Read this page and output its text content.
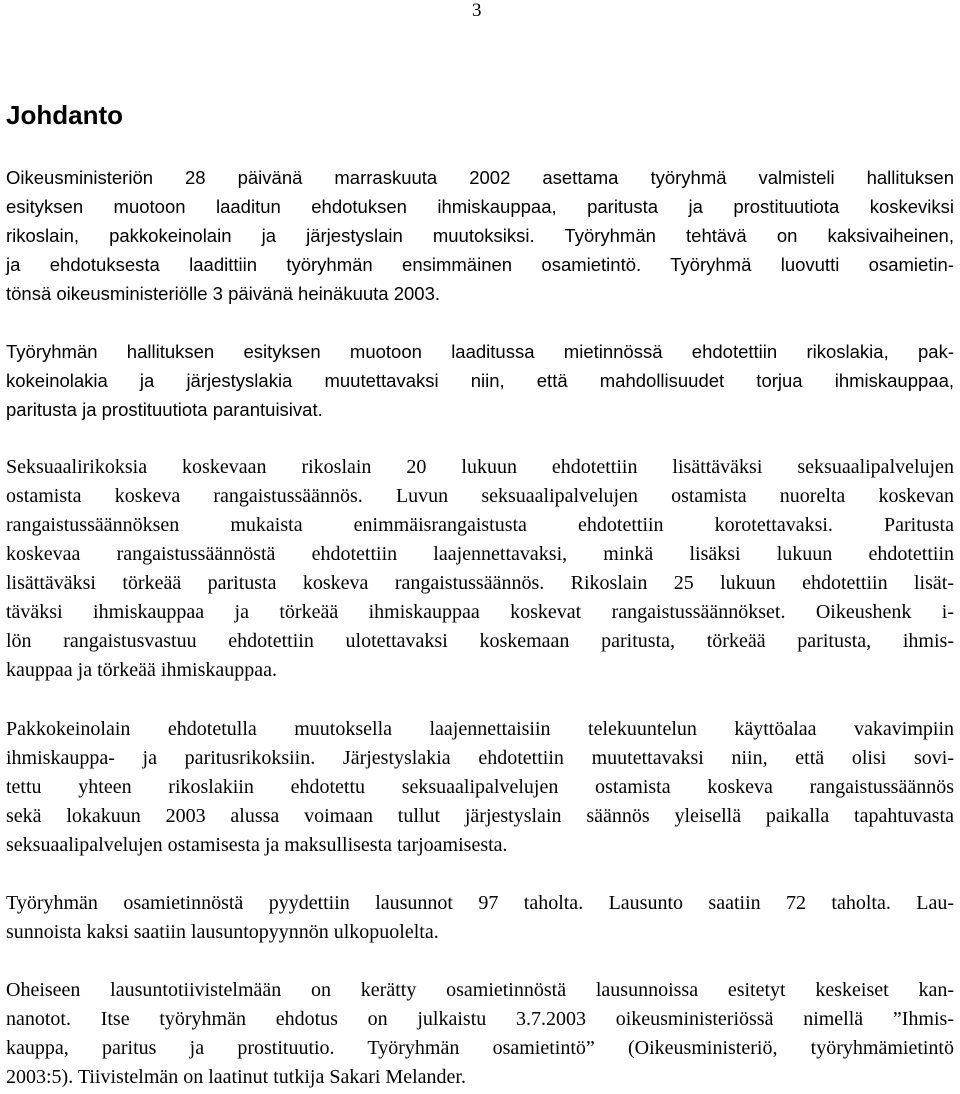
3
Johdanto
Oikeusministeriön 28 päivänä marraskuuta 2002 asettama työryhmä valmisteli hallituksen
esityksen muotoon laaditun ehdotuksen ihmiskauppaa, paritusta ja prostituutiota koskeviksi
rikoslain, pakkokeinolain ja järjestyslain muutoksiksi. Työryhmän tehtävä on kaksivaiheinen,
ja ehdotuksesta laadittiin työryhmän ensimmäinen osamietintö. Työryhmä luovutti osamietin-
tönsä oikeusministeriölle 3 päivänä heinäkuuta 2003.
Työryhmän hallituksen esityksen muotoon laaditussa mietinnössä ehdotettiin rikoslakia, pak-
kokeinolakia ja järjestyslakia muutettavaksi niin, että mahdollisuudet torjua ihmiskauppaa,
paritusta ja prostituutiota parantuisivat.
Seksuaalirikoksia koskevaan rikoslain 20 lukuun ehdotettiin lisättäväksi seksuaalipalvelujen
ostamista koskeva rangaistussäännös. Luvun seksuaalipalvelujen ostamista nuorelta koskevan
rangaistussäännöksen mukaista enimmäisrangaistusta ehdotettiin korotettavaksi. Paritusta
koskevaa rangaistussäännöstä ehdotettiin laajennettavaksi, minkä lisäksi lukuun ehdotettiin
lisättäväksi törkeää paritusta koskeva rangaistussäännös. Rikoslain 25 lukuun ehdotettiin lisät-
täväksi ihmiskauppaa ja törkeää ihmiskauppaa koskevat rangaistussäännökset. Oikeushenk i-
lön rangaistusvastuu ehdotettiin ulotettavaksi koskemaan paritusta, törkeää paritusta, ihmis-
kauppaa ja törkeää ihmiskauppaa.
Pakkokeinolain ehdotetulla muutoksella laajennettaisiin telekuuntelun käyttöalaa vakavimpiin
ihmiskauppa- ja paritusrikoksiin. Järjestyslakia ehdotettiin muutettavaksi niin, että olisi sovi-
tettu yhteen rikoslakiin ehdotettu seksuaalipalvelujen ostamista koskeva rangaistussäännös
sekä lokakuun 2003 alussa voimaan tullut järjestyslain säännös yleisellä paikalla tapahtuvasta
seksuaalipalvelujen ostamisesta ja maksullisesta tarjoamisesta.
Työryhmän osamietinnöstä pyydettiin lausunnot 97 taholta. Lausunto saatiin 72 taholta. Lau-
sunnoista kaksi saatiin lausuntopyynnön ulkopuolelta.
Oheiseen lausuntotiivistelmään on kerätty osamietinnöstä lausunnoissa esitetyt keskeiset kan-
nanotot. Itse työryhmän ehdotus on julkaistu 3.7.2003 oikeusministeriössä nimellä ”Ihmis-
kauppa, paritus ja prostituutio. Työryhmän osamietintö” (Oikeusministeriö, työryhmämietintö
2003:5). Tiivistelmän on laatinut tutkija Sakari Melander.
